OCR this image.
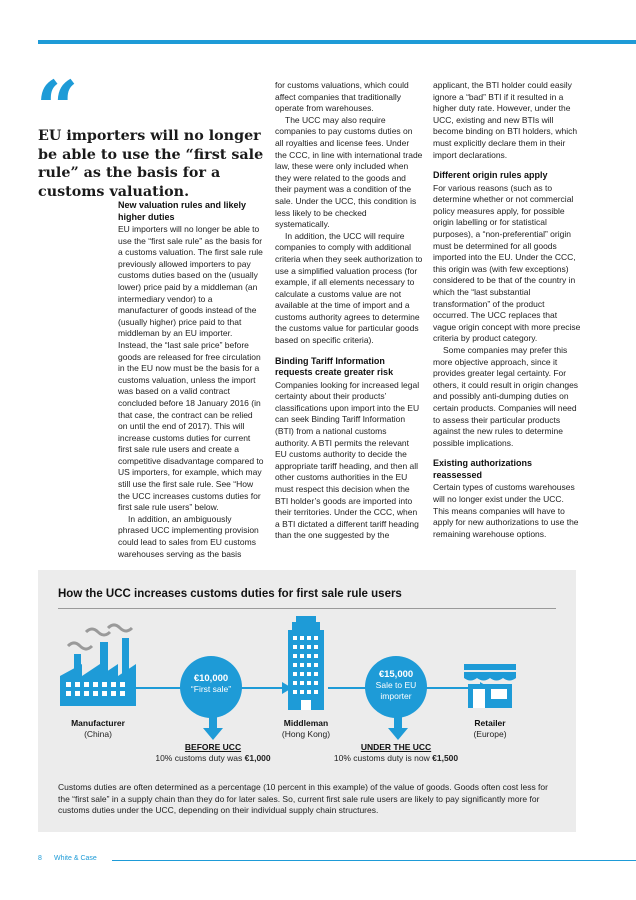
“
EU importers will no longer be able to use the “first sale rule” as the basis for a customs valuation.
New valuation rules and likely higher duties

EU importers will no longer be able to use the “first sale rule” as the basis for a customs valuation. The first sale rule previously allowed importers to pay customs duties based on the (usually lower) price paid by a middleman (an intermediary vendor) to a manufacturer of goods instead of the (usually higher) price paid to that middleman by an EU importer. Instead, the “last sale price” before goods are released for free circulation in the EU now must be the basis for a customs valuation, unless the import was based on a valid contract concluded before 18 January 2016 (in that case, the contract can be relied on until the end of 2017). This will increase customs duties for current first sale rule users and create a competitive disadvantage compared to US importers, for example, which may still use the first sale rule. See “How the UCC increases customs duties for first sale rule users” below.

In addition, an ambiguously phrased UCC implementing provision could lead to sales from EU customs warehouses serving as the basis

for customs valuations, which could affect companies that traditionally operate from warehouses.

The UCC may also require companies to pay customs duties on all royalties and license fees. Under the CCC, in line with international trade law, these were only included when they were related to the goods and their payment was a condition of the sale. Under the UCC, this condition is less likely to be checked systematically.

In addition, the UCC will require companies to comply with additional criteria when they seek authorization to use a simplified valuation process (for example, if all elements necessary to calculate a customs value are not available at the time of import and a customs authority agrees to determine the customs value for particular goods based on specific criteria).

Binding Tariff Information requests create greater risk

Companies looking for increased legal certainty about their products’ classifications upon import into the EU can seek Binding Tariff Information (BTI) from a national customs authority. A BTI permits the relevant EU customs authority to decide the appropriate tariff heading, and then all other customs authorities in the EU must respect this decision when the BTI holder’s goods are imported into their territories. Under the CCC, when a BTI dictated a different tariff heading than the one suggested by the

applicant, the BTI holder could easily ignore a “bad” BTI if it resulted in a higher duty rate. However, under the UCC, existing and new BTIs will become binding on BTI holders, which must explicitly declare them in their import declarations.

Different origin rules apply

For various reasons (such as to determine whether or not commercial policy measures apply, for possible origin labelling or for statistical purposes), a “non-preferential” origin must be determined for all goods imported into the EU. Under the CCC, this origin was (with few exceptions) considered to be that of the country in which the “last substantial transformation” of the product occurred. The UCC replaces that vague origin concept with more precise criteria by product category.

Some companies may prefer this more objective approach, since it provides greater legal certainty. For others, it could result in origin changes and possibly anti-dumping duties on certain products. Companies will need to assess their particular products against the new rules to determine possible implications.

Existing authorizations reassessed

Certain types of customs warehouses will no longer exist under the UCC. This means companies will have to apply for new authorizations to use the remaining warehouse options.

How the UCC increases customs duties for first sale rule users
€10,000
“First sale”
€15,000
Sale to EU importer
Manufacturer
(China)
Middleman
(Hong Kong)
Retailer
(Europe)
BEFORE UCC
10% customs duty was €1,000
UNDER THE UCC
10% customs duty is now €1,500
Customs duties are often determined as a percentage (10 percent in this example) of the value of goods. Goods often cost less for the “first sale” in a supply chain than they do for later sales. So, current first sale rule users are likely to pay significantly more for customs duties under the UCC, depending on their individual supply chain structures.
8 White & Case
